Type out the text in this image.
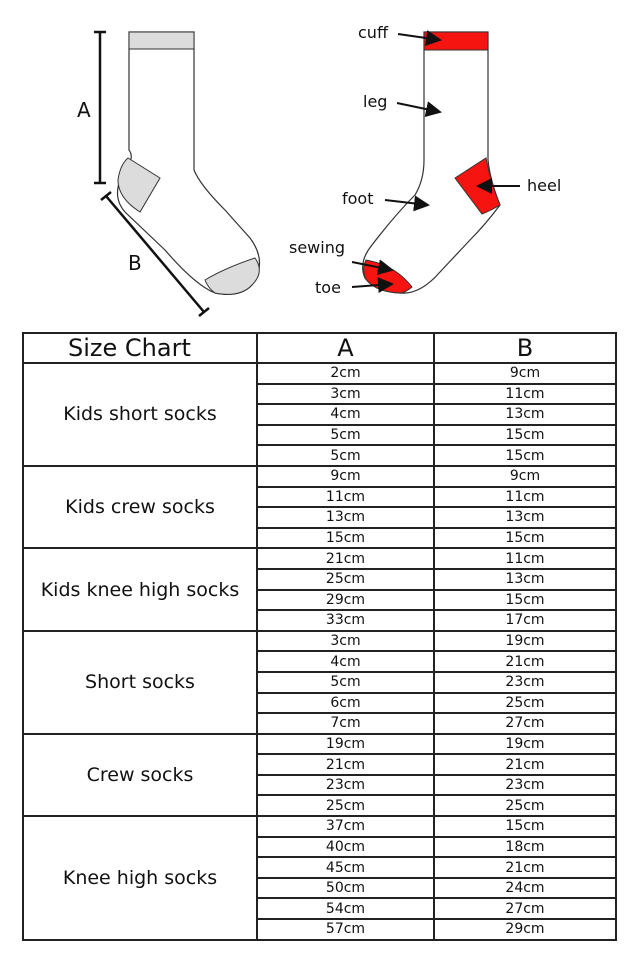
A
B
cuff
leg
foot
heel
sewing
toe
Size Chart	A	B
Kids short socks	2cm	9cm
	3cm	11cm
	4cm	13cm
	5cm	15cm
	5cm	15cm
Kids crew socks	9cm	9cm
	11cm	11cm
	13cm	13cm
	15cm	15cm
Kids knee high socks	21cm	11cm
	25cm	13cm
	29cm	15cm
	33cm	17cm
Short socks	3cm	19cm
	4cm	21cm
	5cm	23cm
	6cm	25cm
	7cm	27cm
Crew socks	19cm	19cm
	21cm	21cm
	23cm	23cm
	25cm	25cm
Knee high socks	37cm	15cm
	40cm	18cm
	45cm	21cm
	50cm	24cm
	54cm	27cm
	57cm	29cm
